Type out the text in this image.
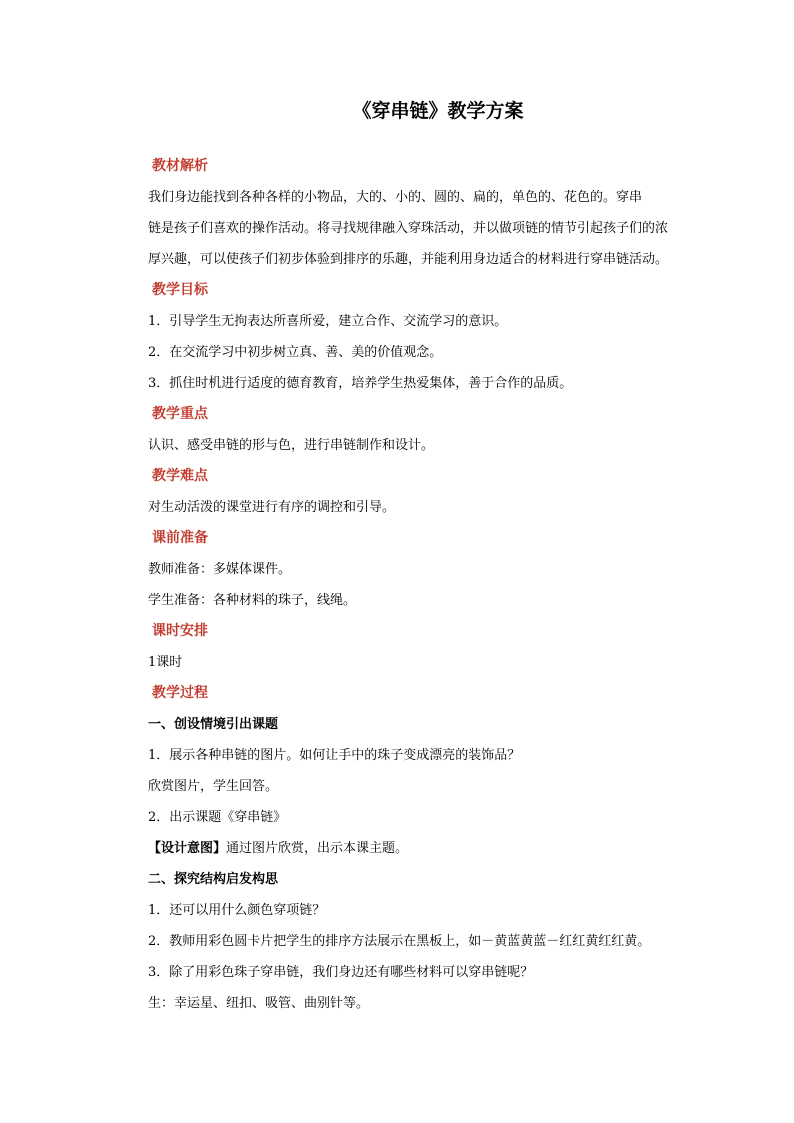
《穿串链》教学方案
教材解析
我们身边能找到各种各样的小物品，大的、小的、圆的、扁的，单色的、花色的。穿串
链是孩子们喜欢的操作活动。将寻找规律融入穿珠活动，并以做项链的情节引起孩子们的浓
厚兴趣，可以使孩子们初步体验到排序的乐趣，并能利用身边适合的材料进行穿串链活动。
教学目标
1．引导学生无拘表达所喜所爱，建立合作、交流学习的意识。
2．在交流学习中初步树立真、善、美的价值观念。
3．抓住时机进行适度的德育教育，培养学生热爱集体，善于合作的品质。
教学重点
认识、感受串链的形与色，进行串链制作和设计。
教学难点
对生动活泼的课堂进行有序的调控和引导。
课前准备
教师准备：多媒体课件。
学生准备：各种材料的珠子，线绳。
课时安排
1课时
教学过程
一、创设情境引出课题
1．展示各种串链的图片。如何让手中的珠子变成漂亮的装饰品？
欣赏图片，学生回答。
2．出示课题《穿串链》
【设计意图】通过图片欣赏，出示本课主题。
二、探究结构启发构思
1．还可以用什么颜色穿项链？
2．教师用彩色圆卡片把学生的排序方法展示在黑板上，如－黄蓝黄蓝－红红黄红红黄。
3．除了用彩色珠子穿串链，我们身边还有哪些材料可以穿串链呢？
生：幸运星、纽扣、吸管、曲别针等。
